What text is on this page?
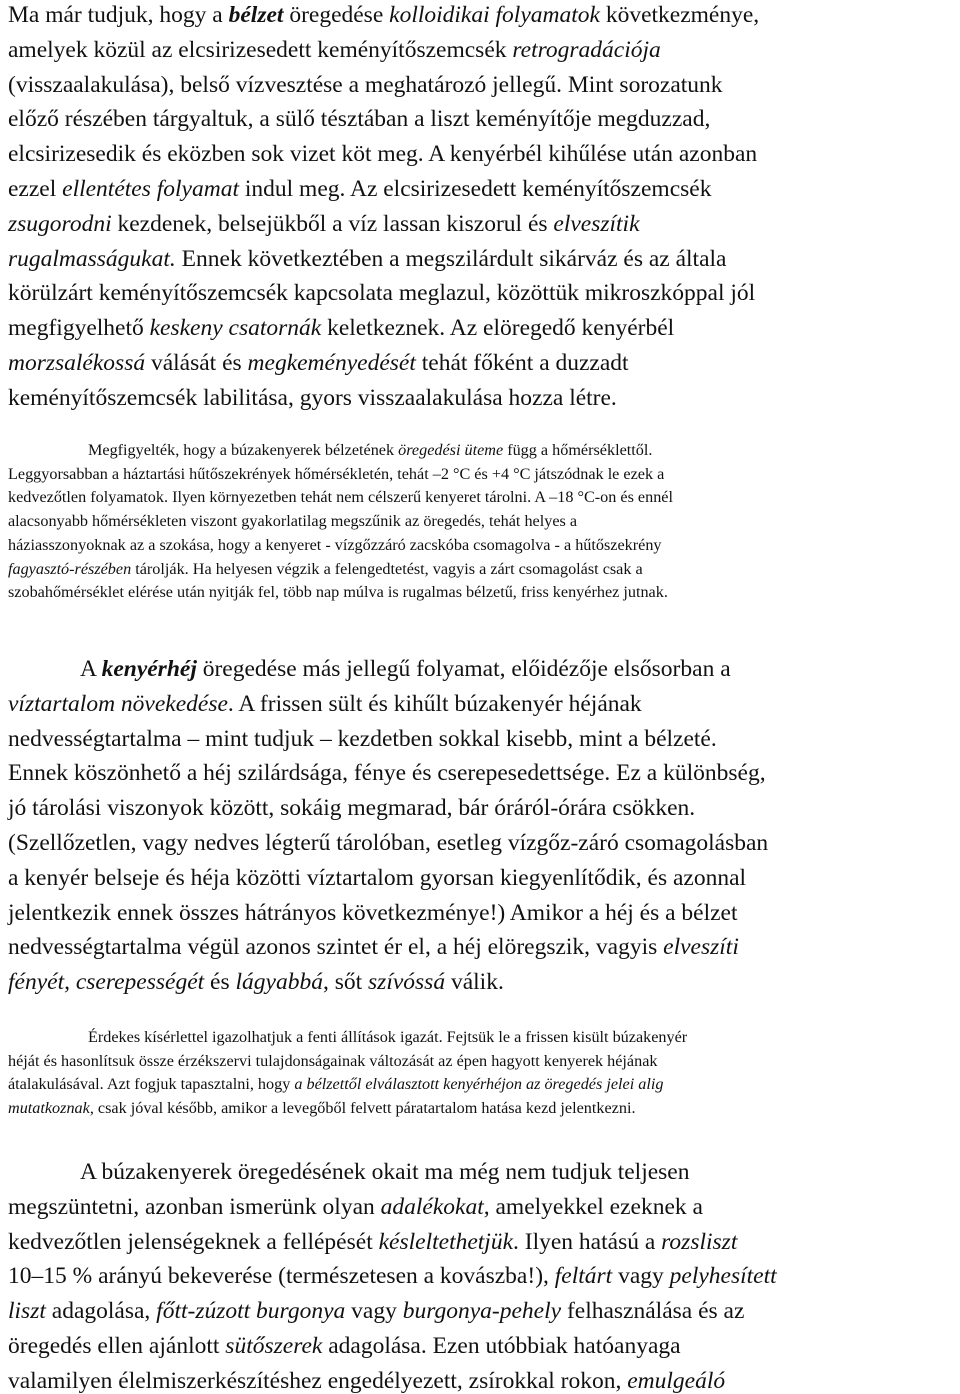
Ma már tudjuk, hogy a bélzet öregedése kolloidikai folyamatok következménye,
amelyek közül az elcsirizesedett keményítőszemcsék retrogradációja
(visszaalakulása), belső vízvesztése a meghatározó jellegű. Mint sorozatunk
előző részében tárgyaltuk, a sülő tésztában a liszt keményítője megduzzad,
elcsirizesedik és eközben sok vizet köt meg. A kenyérbél kihűlése után azonban
ezzel ellentétes folyamat indul meg. Az elcsirizesedett keményítőszemcsék
zsugorodni kezdenek, belsejükből a víz lassan kiszorul és elveszítik
rugalmasságukat. Ennek következtében a megszilárdult sikárváz és az általa
körülzárt keményítőszemcsék kapcsolata meglazul, közöttük mikroszkóppal jól
megfigyelhető keskeny csatornák keletkeznek. Az elöregedő kenyérbél
morzsalékossá válását és megkeményedését tehát főként a duzzadt
keményítőszemcsék labilitása, gyors visszaalakulása hozza létre.
Megfigyelték, hogy a búzakenyerek bélzetének öregedési üteme függ a hőmérséklettől.
Leggyorsabban a háztartási hűtőszekrények hőmérsékletén, tehát –2 °C és +4 °C játszódnak le ezek a
kedvezőtlen folyamatok. Ilyen környezetben tehát nem célszerű kenyeret tárolni. A –18 °C-on és ennél
alacsonyabb hőmérsékleten viszont gyakorlatilag megszűnik az öregedés, tehát helyes a
háziasszonyoknak az a szokása, hogy a kenyeret - vízgőzzáró zacskóba csomagolva - a hűtőszekrény
fagyasztó-részében tárolják. Ha helyesen végzik a felengedtetést, vagyis a zárt csomagolást csak a
szobahőmérséklet elérése után nyitják fel, több nap múlva is rugalmas bélzetű, friss kenyérhez jutnak.
A kenyérhéj öregedése más jellegű folyamat, előidézője elsősorban a
víztartalom növekedése. A frissen sült és kihűlt búzakenyér héjának
nedvességtartalma – mint tudjuk – kezdetben sokkal kisebb, mint a bélzeté.
Ennek köszönhető a héj szilárdsága, fénye és cserepesedettsége. Ez a különbség,
jó tárolási viszonyok között, sokáig megmarad, bár óráról-órára csökken.
(Szellőzetlen, vagy nedves légterű tárolóban, esetleg vízgőz-záró csomagolásban
a kenyér belseje és héja közötti víztartalom gyorsan kiegyenlítődik, és azonnal
jelentkezik ennek összes hátrányos következménye!) Amikor a héj és a bélzet
nedvességtartalma végül azonos szintet ér el, a héj elöregszik, vagyis elveszíti
fényét, cserepességét és lágyabbá, sőt szívóssá válik.
Érdekes kísérlettel igazolhatjuk a fenti állítások igazát. Fejtsük le a frissen kisült búzakenyér
héját és hasonlítsuk össze érzékszervi tulajdonságainak változását az épen hagyott kenyerek héjának
átalakulásával. Azt fogjuk tapasztalni, hogy a bélzettől elválasztott kenyérhéjon az öregedés jelei alig
mutatkoznak, csak jóval később, amikor a levegőből felvett páratartalom hatása kezd jelentkezni.
A búzakenyerek öregedésének okait ma még nem tudjuk teljesen
megszüntetni, azonban ismerünk olyan adalékokat, amelyekkel ezeknek a
kedvezőtlen jelenségeknek a fellépését késleltethetjük. Ilyen hatású a rozsliszt
10–15 % arányú bekeverése (természetesen a kovászba!), feltárt vagy pelyhesített
liszt adagolása, főtt-zúzott burgonya vagy burgonya-pehely felhasználása és az
öregedés ellen ajánlott sütőszerek adagolása. Ezen utóbbiak hatóanyaga
valamilyen élelmiszerkészítéshez engedélyezett, zsírokkal rokon, emulgeáló
